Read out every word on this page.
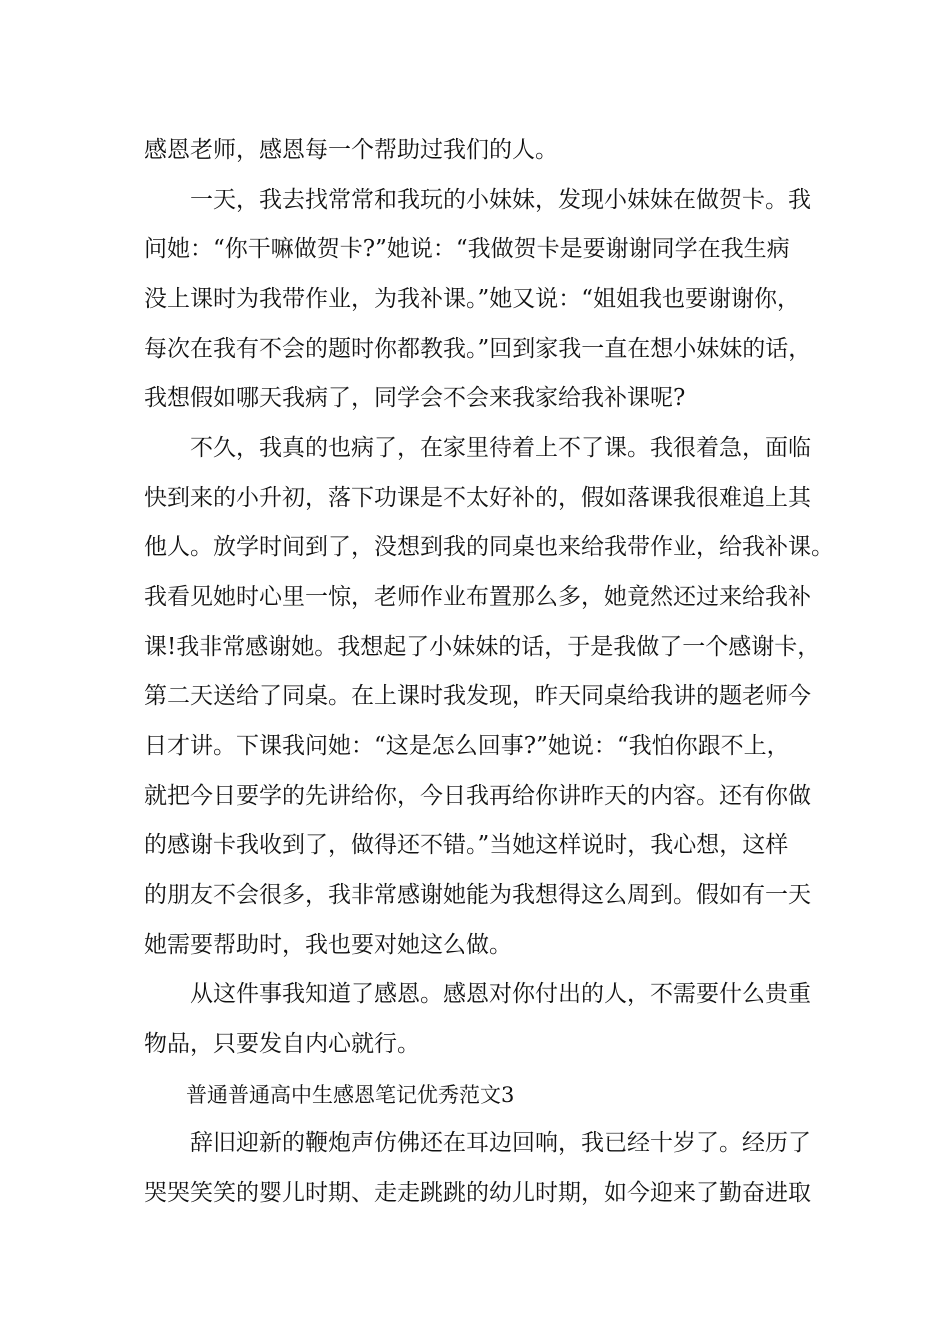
感恩老师，感恩每一个帮助过我们的人。
　　一天，我去找常常和我玩的小妹妹，发现小妹妹在做贺卡。我
问她：“你干嘛做贺卡?”她说：“我做贺卡是要谢谢同学在我生病
没上课时为我带作业，为我补课。”她又说：“姐姐我也要谢谢你，
每次在我有不会的题时你都教我。”回到家我一直在想小妹妹的话，
我想假如哪天我病了，同学会不会来我家给我补课呢?
　　不久，我真的也病了，在家里待着上不了课。我很着急，面临
快到来的小升初，落下功课是不太好补的，假如落课我很难追上其
他人。放学时间到了，没想到我的同桌也来给我带作业，给我补课。
我看见她时心里一惊，老师作业布置那么多，她竟然还过来给我补
课!我非常感谢她。我想起了小妹妹的话，于是我做了一个感谢卡，
第二天送给了同桌。在上课时我发现，昨天同桌给我讲的题老师今
日才讲。下课我问她：“这是怎么回事?”她说：“我怕你跟不上，
就把今日要学的先讲给你，今日我再给你讲昨天的内容。还有你做
的感谢卡我收到了，做得还不错。”当她这样说时，我心想，这样
的朋友不会很多，我非常感谢她能为我想得这么周到。假如有一天
她需要帮助时，我也要对她这么做。
　　从这件事我知道了感恩。感恩对你付出的人，不需要什么贵重
物品，只要发自内心就行。
　　普通普通高中生感恩笔记优秀范文3
　　辞旧迎新的鞭炮声仿佛还在耳边回响，我已经十岁了。经历了
哭哭笑笑的婴儿时期、走走跳跳的幼儿时期，如今迎来了勤奋进取
